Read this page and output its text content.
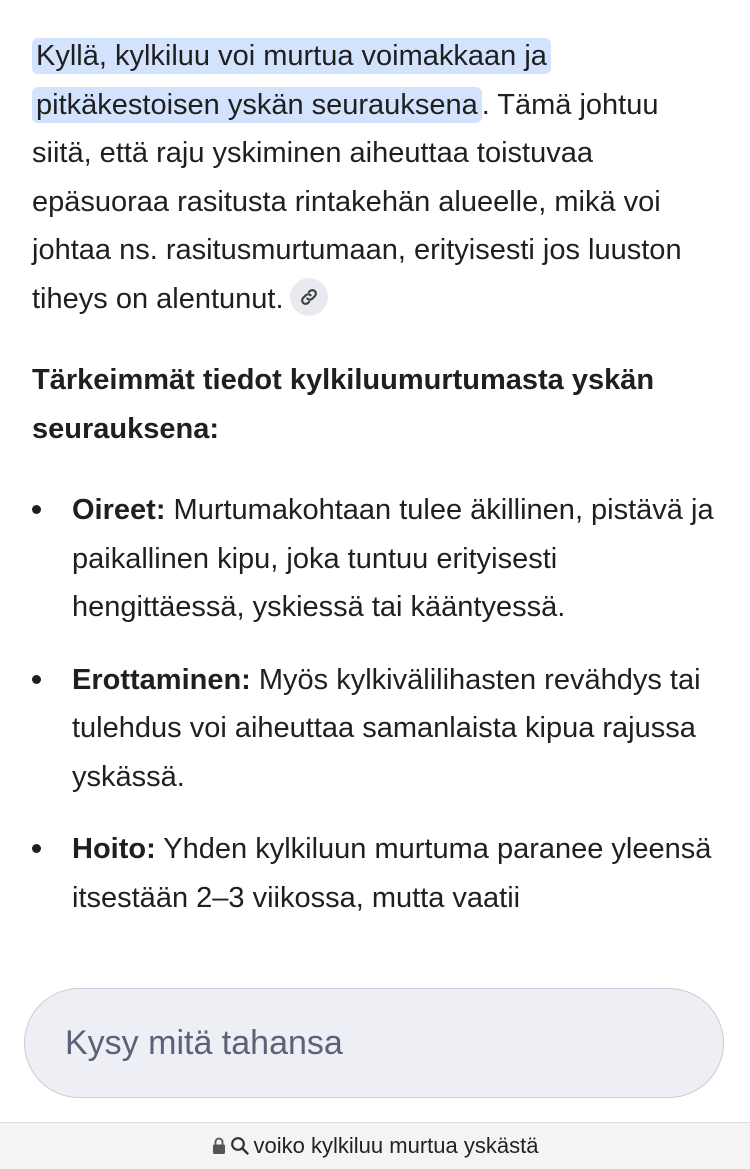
Kyllä, kylkiluu voi murtua voimakkaan ja
pitkäkestoisen yskän seurauksena . Tämä johtuu siitä, että raju yskiminen aiheuttaa toistuvaa epäsuoraa rasitusta rintakehän alueelle, mikä voi johtaa ns. rasitusmurtumaan, erityisesti jos luuston tiheys on alentunut.

Tärkeimmät tiedot kylkiluumurtumasta yskän seurauksena:

Oireet: Murtumakohtaan tulee äkillinen, pistävä ja paikallinen kipu, joka tuntuu erityisesti hengittäessä, yskiessä tai kääntyessä.
Erottaminen: Myös kylkivälilihasten revähdys tai tulehdus voi aiheuttaa samanlaista kipua rajussa yskässä.
Hoito: Yhden kylkiluun murtuma paranee yleensä itsestään 2–3 viikossa, mutta vaatii
Kysy mitä tahansa
voiko kylkiluu murtua yskästä
